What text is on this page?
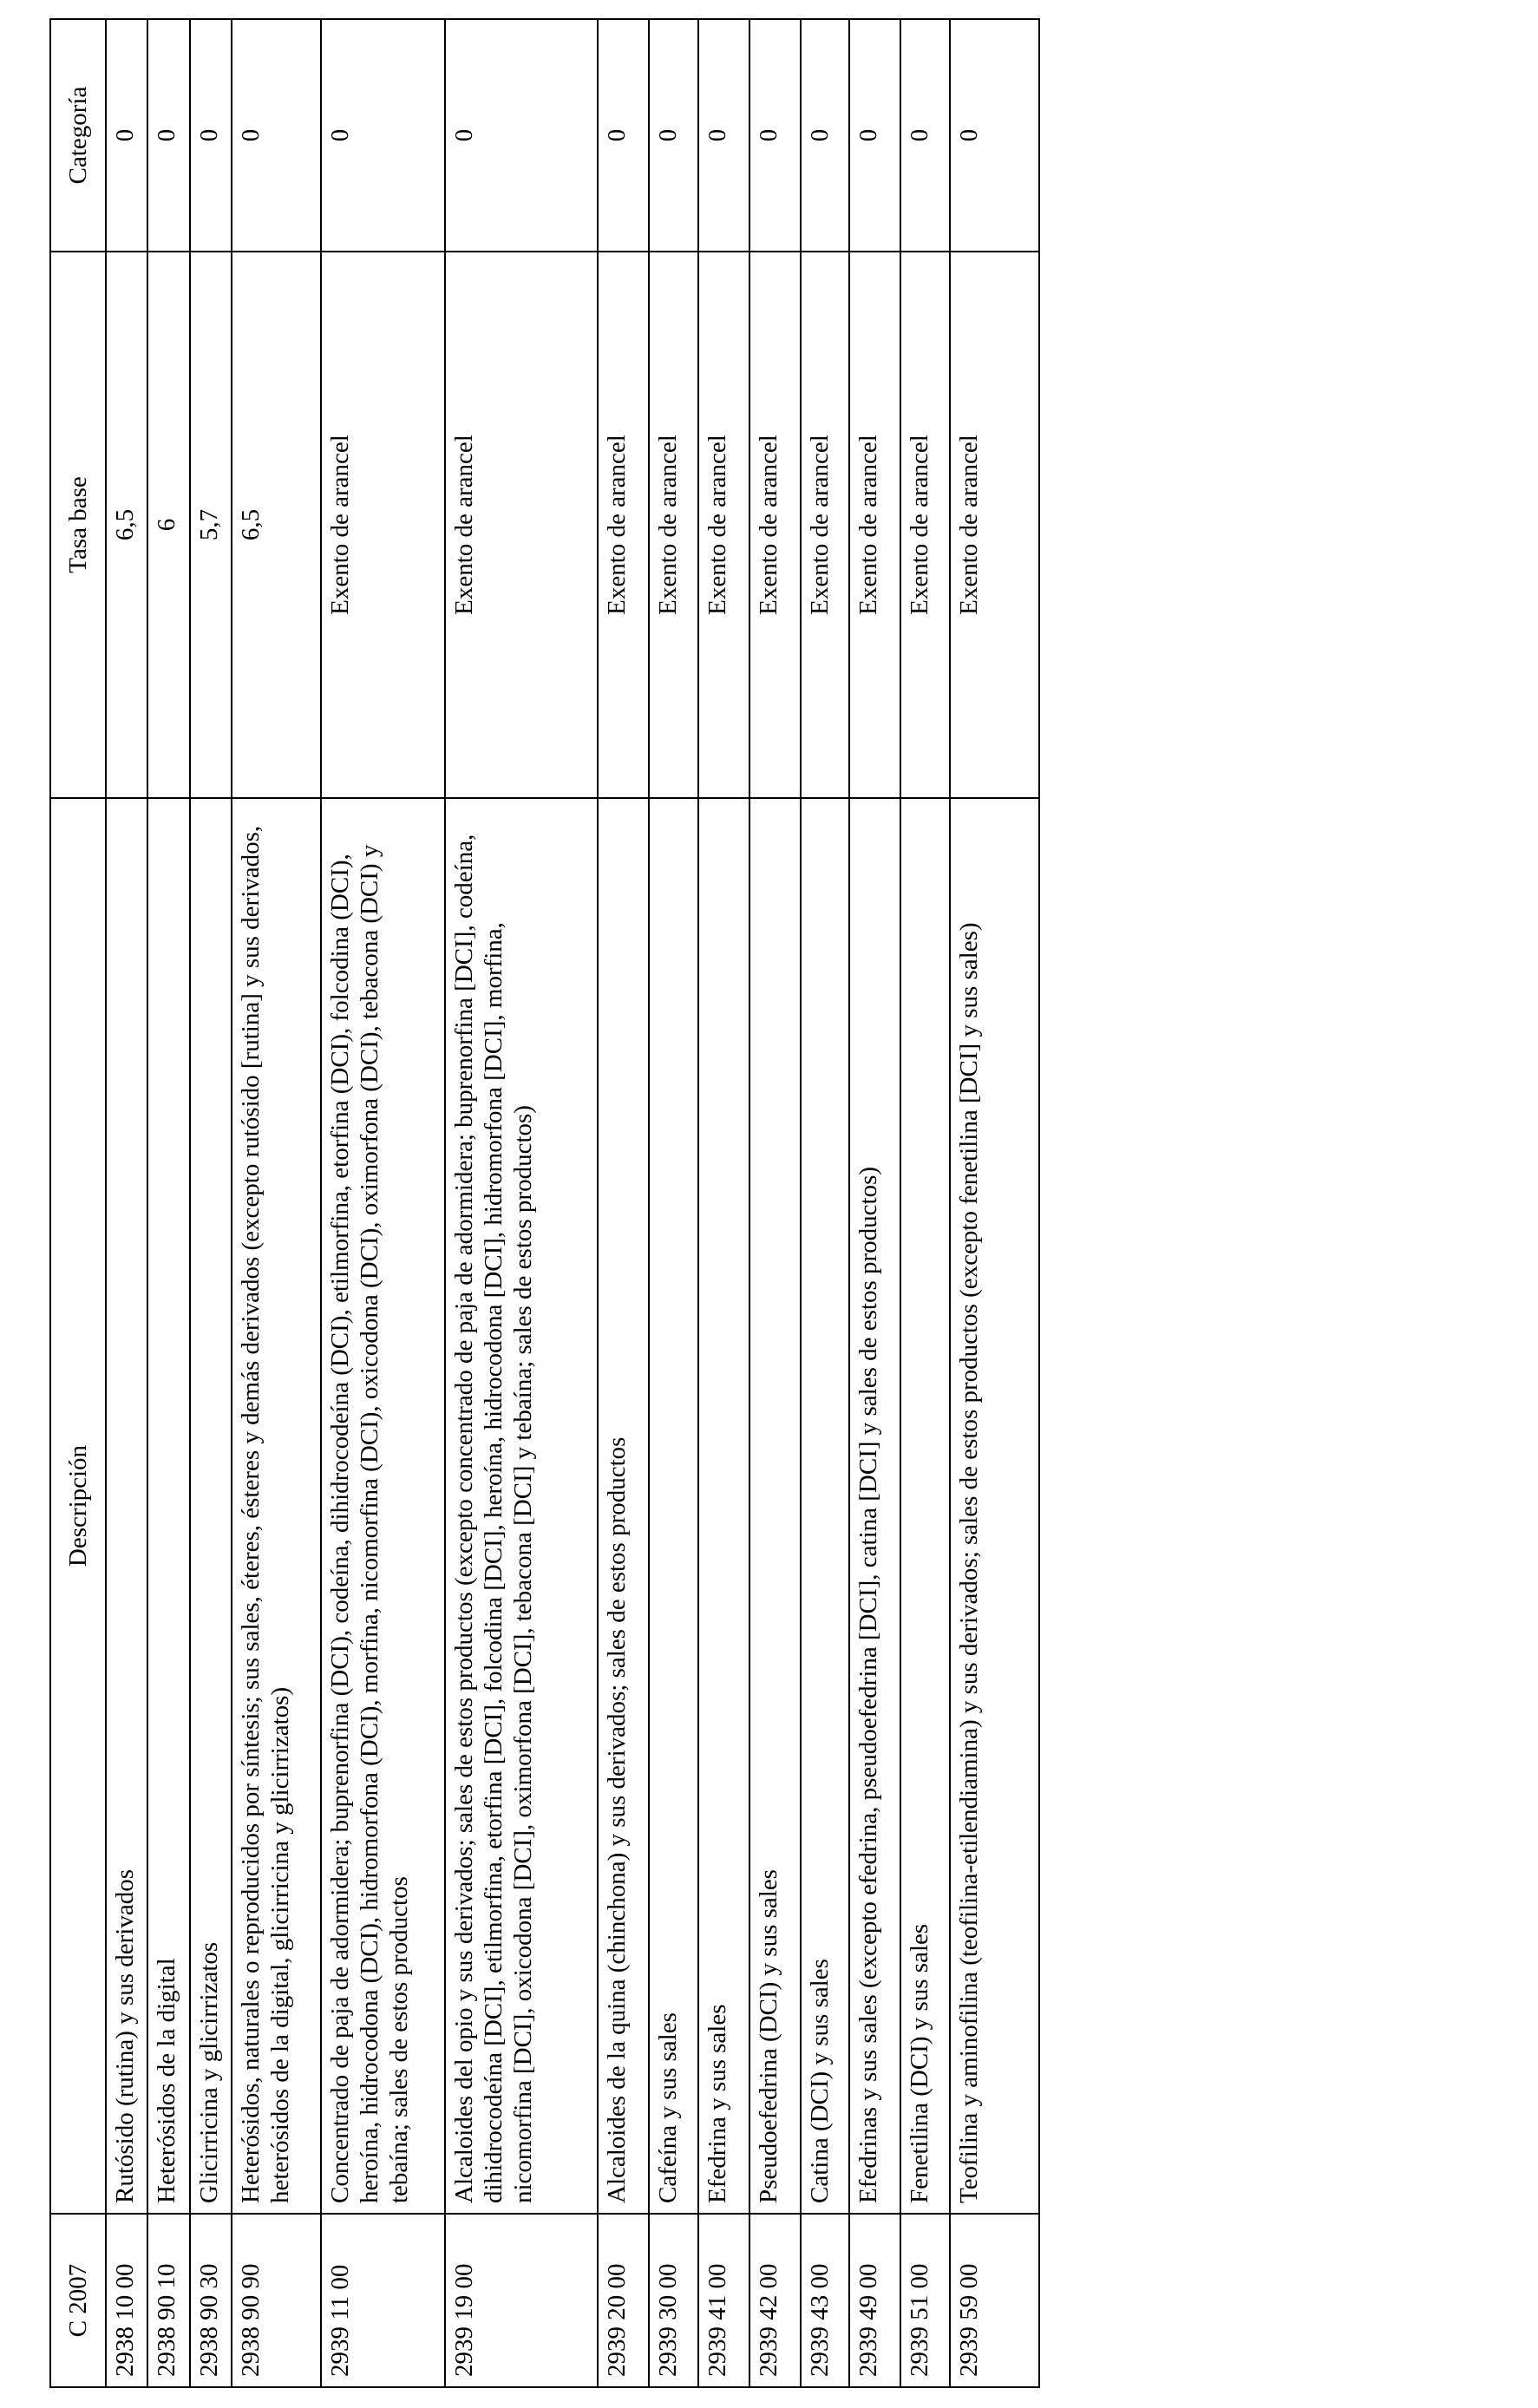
C 2007	Descripción	Tasa base	Categoría
2938 10 00	Rutósido (rutina) y sus derivados	6,5	0
2938 90 10	Heterósidos de la digital	6	0
2938 90 30	Glicirricina y glicirrizatos	5,7	0
2938 90 90	Heterósidos, naturales o reproducidos por síntesis; sus sales, éteres, ésteres y demás derivados (excepto rutósido [rutina] y sus derivados, heterósidos de la digital, glicirricina y glicirrizatos)	6,5	0
2939 11 00	Concentrado de paja de adormidera; buprenorfina (DCI), codeína, dihidrocodeína (DCI), etilmorfina, etorfina (DCI), folcodina (DCI), heroína, hidrocodona (DCI), hidromorfona (DCI), morfina, nicomorfina (DCI), oxicodona (DCI), oximorfona (DCI), tebacona (DCI) y tebaína; sales de estos productos	Exento de arancel	0
2939 19 00	Alcaloides del opio y sus derivados; sales de estos productos (excepto concentrado de paja de adormidera; buprenorfina [DCI], codeína, dihidrocodeína [DCI], etilmorfina, etorfina [DCI], folcodina [DCI], heroína, hidrocodona [DCI], hidromorfona [DCI], morfina, nicomorfina [DCI], oxicodona [DCI], oximorfona [DCI], tebacona [DCI] y tebaína; sales de estos productos)	Exento de arancel	0
2939 20 00	Alcaloides de la quina (chinchona) y sus derivados; sales de estos productos	Exento de arancel	0
2939 30 00	Cafeína y sus sales	Exento de arancel	0
2939 41 00	Efedrina y sus sales	Exento de arancel	0
2939 42 00	Pseudoefedrina (DCI) y sus sales	Exento de arancel	0
2939 43 00	Catina (DCI) y sus sales	Exento de arancel	0
2939 49 00	Efedrinas y sus sales (excepto efedrina, pseudoefedrina [DCI], catina [DCI] y sales de estos productos)	Exento de arancel	0
2939 51 00	Fenetilina (DCI) y sus sales	Exento de arancel	0
2939 59 00	Teofilina y aminofilina (teofilina-etilendiamina) y sus derivados; sales de estos productos (excepto fenetilina [DCI] y sus sales)	Exento de arancel	0
